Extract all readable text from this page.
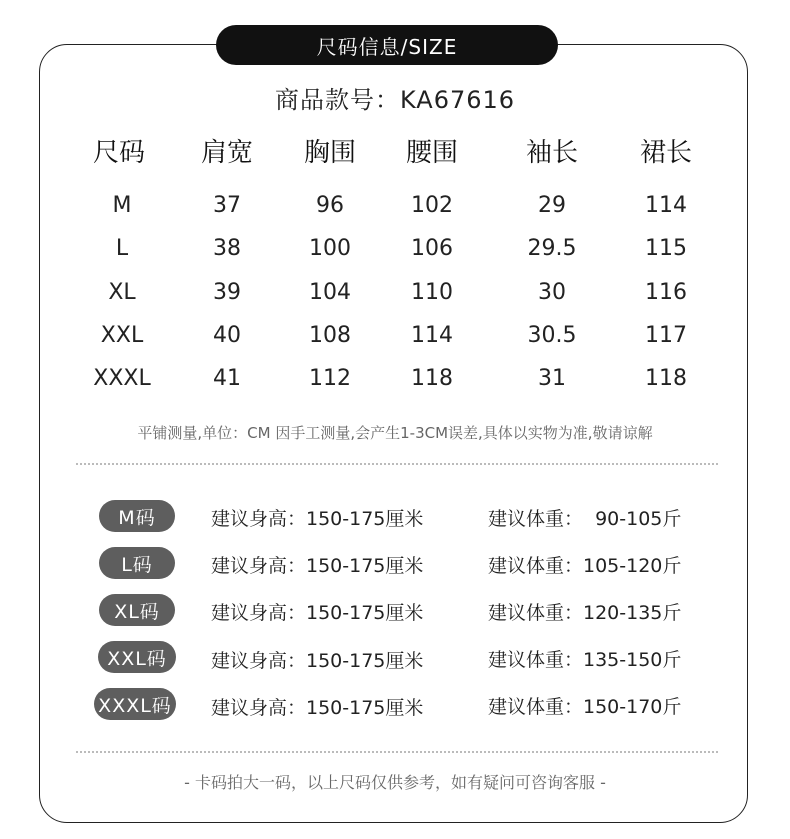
尺码信息/SIZE
商品款号：KA67616
尺码 肩宽 胸围 腰围	袖长 裙长
M	37	96	102	29	114
L	38	100	106	29.5	115
XL	39	104	110	30	116
XXL	40	108	114	30.5	117
XXXL	41	112	118	31	118
平铺测量,单位：CM 因手工测量,会产生1-3CM误差,具体以实物为准,敬请谅解
M码	建议身高：150-175厘米	建议体重：  90-105斤
L码	建议身高：150-175厘米	建议体重：105-120斤
XL码	建议身高：150-175厘米	建议体重：120-135斤
XXL码	建议身高：150-175厘米	建议体重：135-150斤
XXXL码 建议身高：150-175厘米	建议体重：150-170斤
- 卡码拍大一码，以上尺码仅供参考，如有疑问可咨询客服 -
